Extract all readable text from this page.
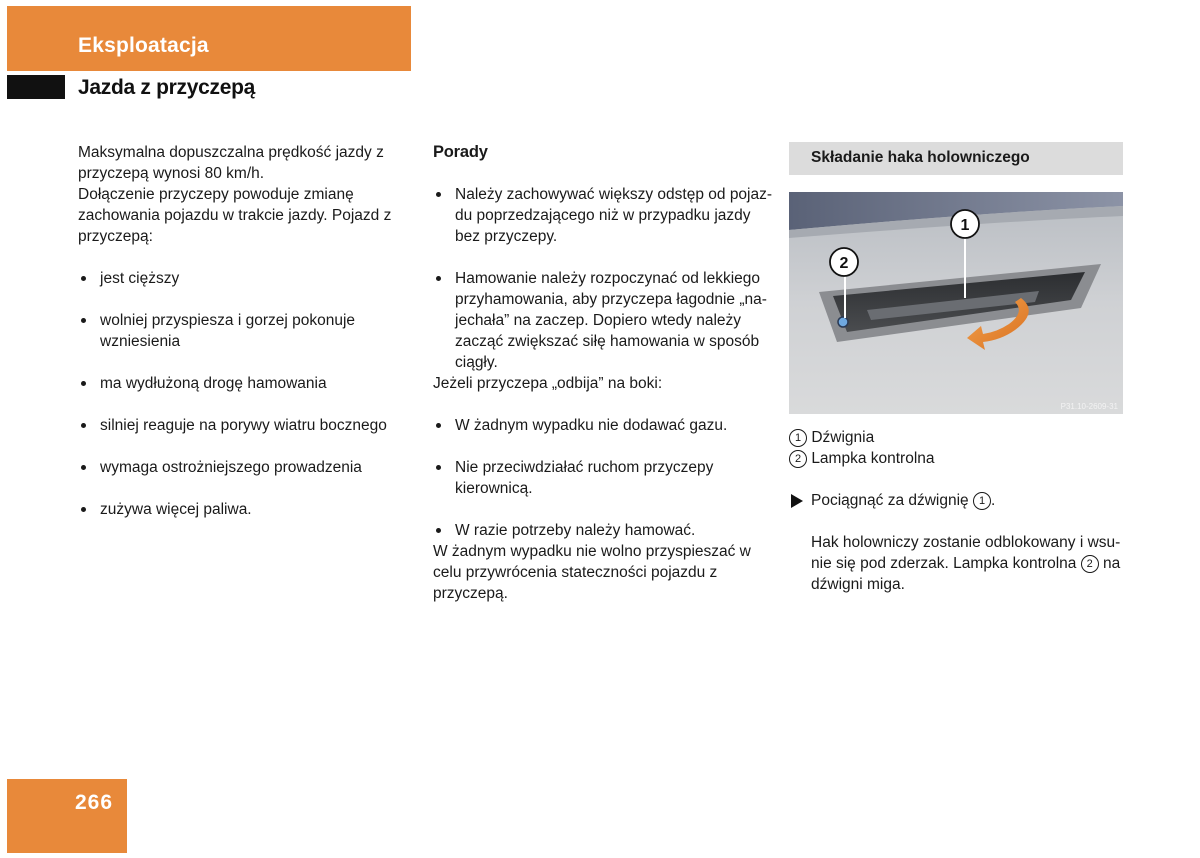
Eksploatacja
Jazda z przyczepą

Maksymalna dopuszczalna prędkość jazdy z przyczepą wynosi 80 km/h.

Dołączenie przyczepy powoduje zmianę zachowania pojazdu w trakcie jazdy. Pojazd z przyczepą:

jest cięższy
wolniej przyspiesza i gorzej pokonuje wzniesienia
ma wydłużoną drogę hamowania
silniej reaguje na porywy wiatru bocznego
wymaga ostrożniejszego prowadzenia
zużywa więcej paliwa.

Porady

Należy zachowywać większy odstęp od pojazdu poprzedzającego niż w przypadku jazdy bez przyczepy.
Hamowanie należy rozpoczynać od lekkiego przyhamowania, aby przyczepa łagodnie „najechała” na zaczep. Dopiero wtedy należy zacząć zwiększać siłę hamowania w sposób ciągły.

Jeżeli przyczepa „odbija” na boki:

W żadnym wypadku nie dodawać gazu.
Nie przeciwdziałać ruchom przyczepy kierownicą.
W razie potrzeby należy hamować.

W żadnym wypadku nie wolno przyspieszać w celu przywrócenia stateczności pojazdu z przyczepą.

Składanie haka holowniczego
1
2
P31.10-2609-31
1 Dźwignia
2 Lampka kontrolna
Pociągnąć za dźwignię 1 .
Hak holowniczy zostanie odblokowany i wsunie się pod zderzak. Lampka kontrolna 2 na dźwigni miga.
266
